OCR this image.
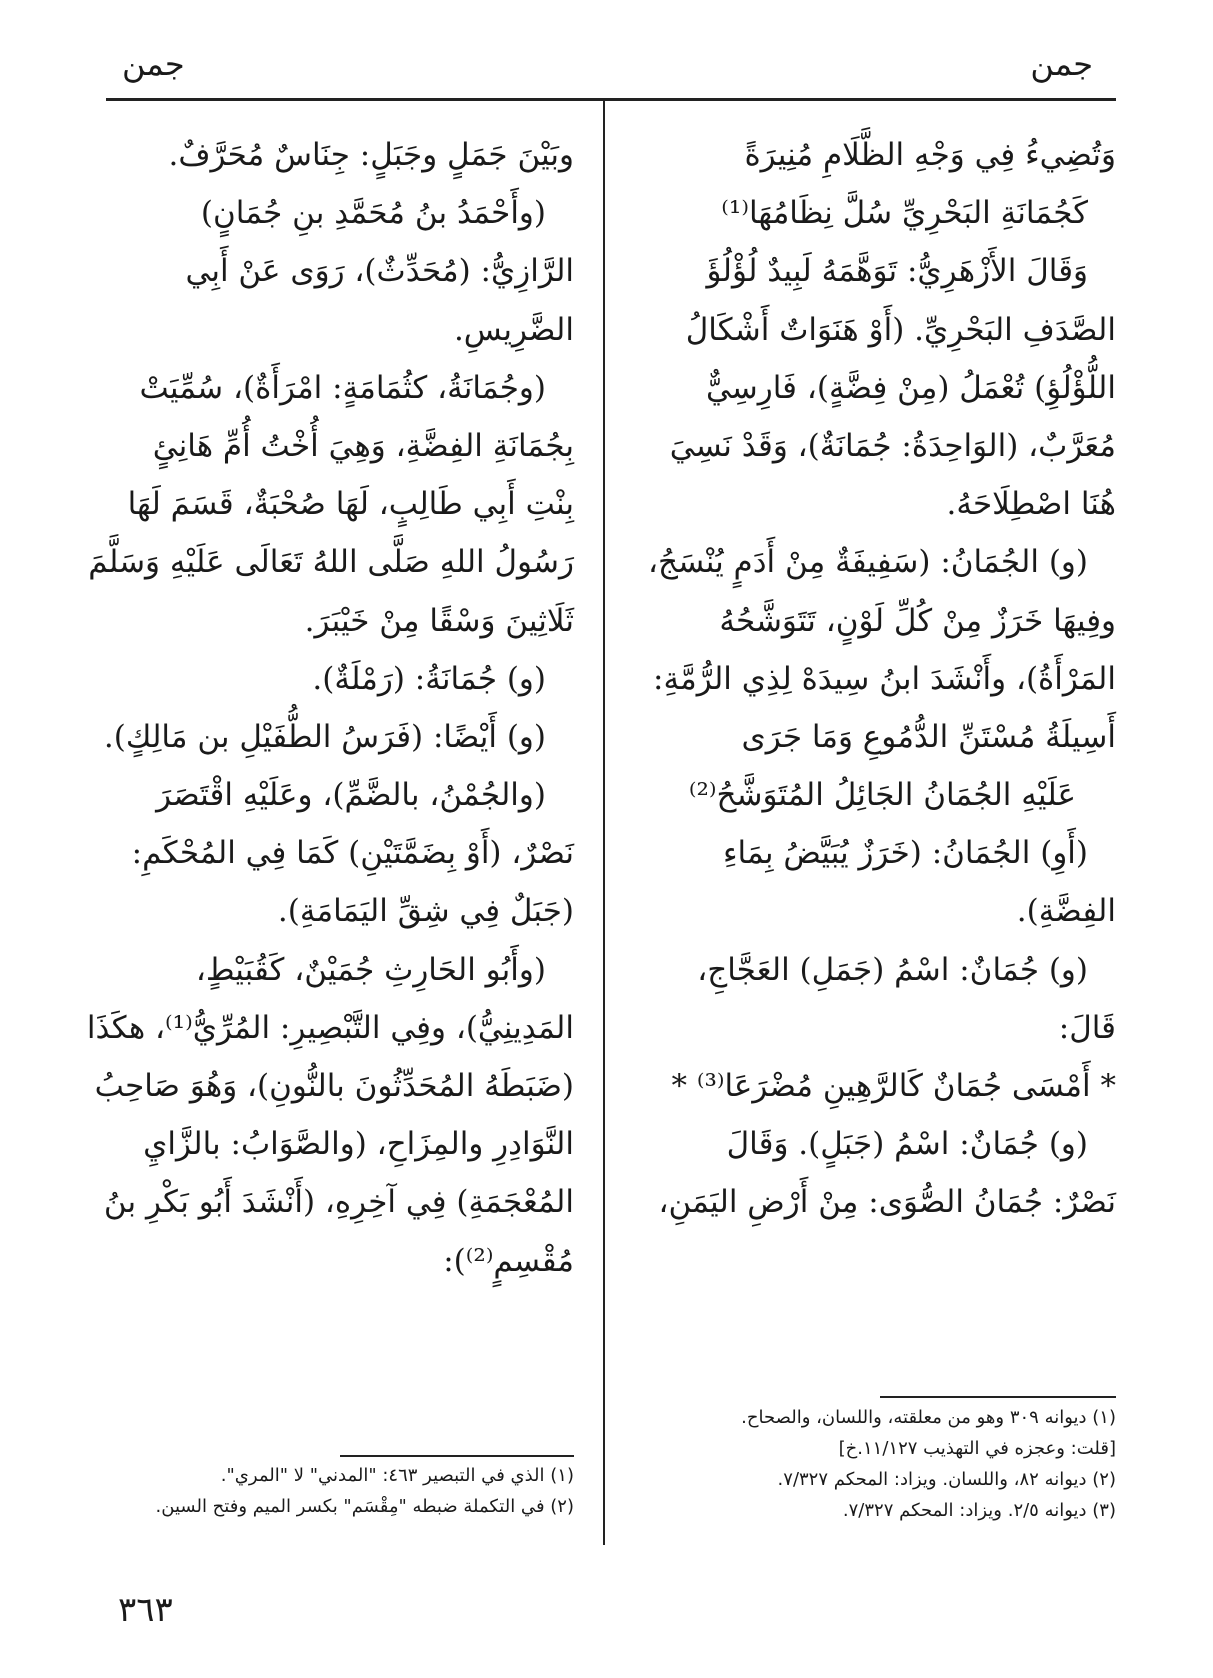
جمن
جمن
وَتُضِيءُ فِي وَجْهِ الظَّلَامِ مُنِيرَةً
كَجُمَانَةِ البَحْرِيِّ سُلَّ نِظَامُهَا⁽¹⁾
وَقَالَ الأَزْهَرِيُّ: تَوَهَّمَهُ لَبِيدٌ لُؤْلُؤَ
الصَّدَفِ البَحْرِيِّ. (أَوْ هَنَوَاتٌ أَشْكَالُ
اللُّؤْلُؤِ) تُعْمَلُ (مِنْ فِضَّةٍ)، فَارِسِيٌّ
مُعَرَّبٌ، (الوَاحِدَةُ: جُمَانَةٌ)، وَقَدْ نَسِيَ
هُنَا اصْطِلَاحَهُ.
(و) الجُمَانُ: (سَفِيفَةٌ مِنْ أَدَمٍ يُنْسَجُ،
وفِيهَا خَرَزٌ مِنْ كُلِّ لَوْنٍ، تَتَوَشَّحُهُ
المَرْأَةُ)، وأَنْشَدَ ابنُ سِيدَهْ لِذِي الرُّمَّةِ:
أَسِيلَةُ مُسْتَنِّ الدُّمُوعِ وَمَا جَرَى
عَلَيْهِ الجُمَانُ الجَائِلُ المُتَوَشَّحُ⁽²⁾
(أَوِ) الجُمَانُ: (خَرَزٌ يُبَيَّضُ بِمَاءِ
الفِضَّةِ).
(و) جُمَانٌ: اسْمُ (جَمَلِ) العَجَّاجِ،
قَالَ:
* أَمْسَى جُمَانٌ كَالرَّهِينِ مُضْرَعَا⁽³⁾ *
(و) جُمَانٌ: اسْمُ (جَبَلٍ). وَقَالَ
نَصْرٌ: جُمَانُ الصُّوَى: مِنْ أَرْضِ اليَمَنِ،
وبَيْنَ جَمَلٍ وجَبَلٍ: جِنَاسٌ مُحَرَّفٌ.
(وأَحْمَدُ بنُ مُحَمَّدِ بنِ جُمَانٍ)
الرَّازِيُّ: (مُحَدِّثٌ)، رَوَى عَنْ أَبِي
الضَّرِيسِ.
(وجُمَانَةُ، كثُمَامَةٍ: امْرَأَةٌ)، سُمِّيَتْ
بِجُمَانَةِ الفِضَّةِ، وَهِيَ أُخْتُ أُمِّ هَانِئٍ
بِنْتِ أَبِي طَالِبٍ، لَهَا صُحْبَةٌ، قَسَمَ لَهَا
رَسُولُ اللهِ صَلَّى اللهُ تَعَالَى عَلَيْهِ وَسَلَّمَ
ثَلَاثِينَ وَسْقًا مِنْ خَيْبَرَ.
(و) جُمَانَةُ: (رَمْلَةٌ).
(و) أَيْضًا: (فَرَسُ الطُّفَيْلِ بن مَالِكٍ).
(والجُمْنُ، بالضَّمِّ)، وعَلَيْهِ اقْتَصَرَ
نَصْرٌ، (أَوْ بِضَمَّتَيْنِ) كَمَا فِي المُحْكَمِ:
(جَبَلٌ فِي شِقِّ اليَمَامَةِ).
(وأَبُو الحَارِثِ جُمَيْنٌ، كَقُبَيْطٍ،
المَدِينِيُّ)، وفِي التَّبْصِيرِ: المُرِّيُّ⁽¹⁾، هكَذَا
(ضَبَطَهُ المُحَدِّثُونَ بالنُّونِ)، وَهُوَ صَاحِبُ
النَّوَادِرِ والمِزَاحِ، (والصَّوَابُ: بالزَّايِ
المُعْجَمَةِ) فِي آخِرِهِ، (أَنْشَدَ أَبُو بَكْرِ بنُ
مُقْسِمٍ⁽²⁾):
(١) ديوانه ٣٠٩ وهو من معلقته، واللسان، والصحاح.
[قلت: وعجزه في التهذيب ١١/١٢٧.خ]
(٢) ديوانه ٨٢، واللسان. ويزاد: المحكم ٧/٣٢٧.
(٣) ديوانه ٢/٥. ويزاد: المحكم ٧/٣٢٧.
(١) الذي في التبصير ٤٦٣: "المدني" لا "المري".
(٢) في التكملة ضبطه "مِقْسَم" بكسر الميم وفتح السين.
٣٦٣
